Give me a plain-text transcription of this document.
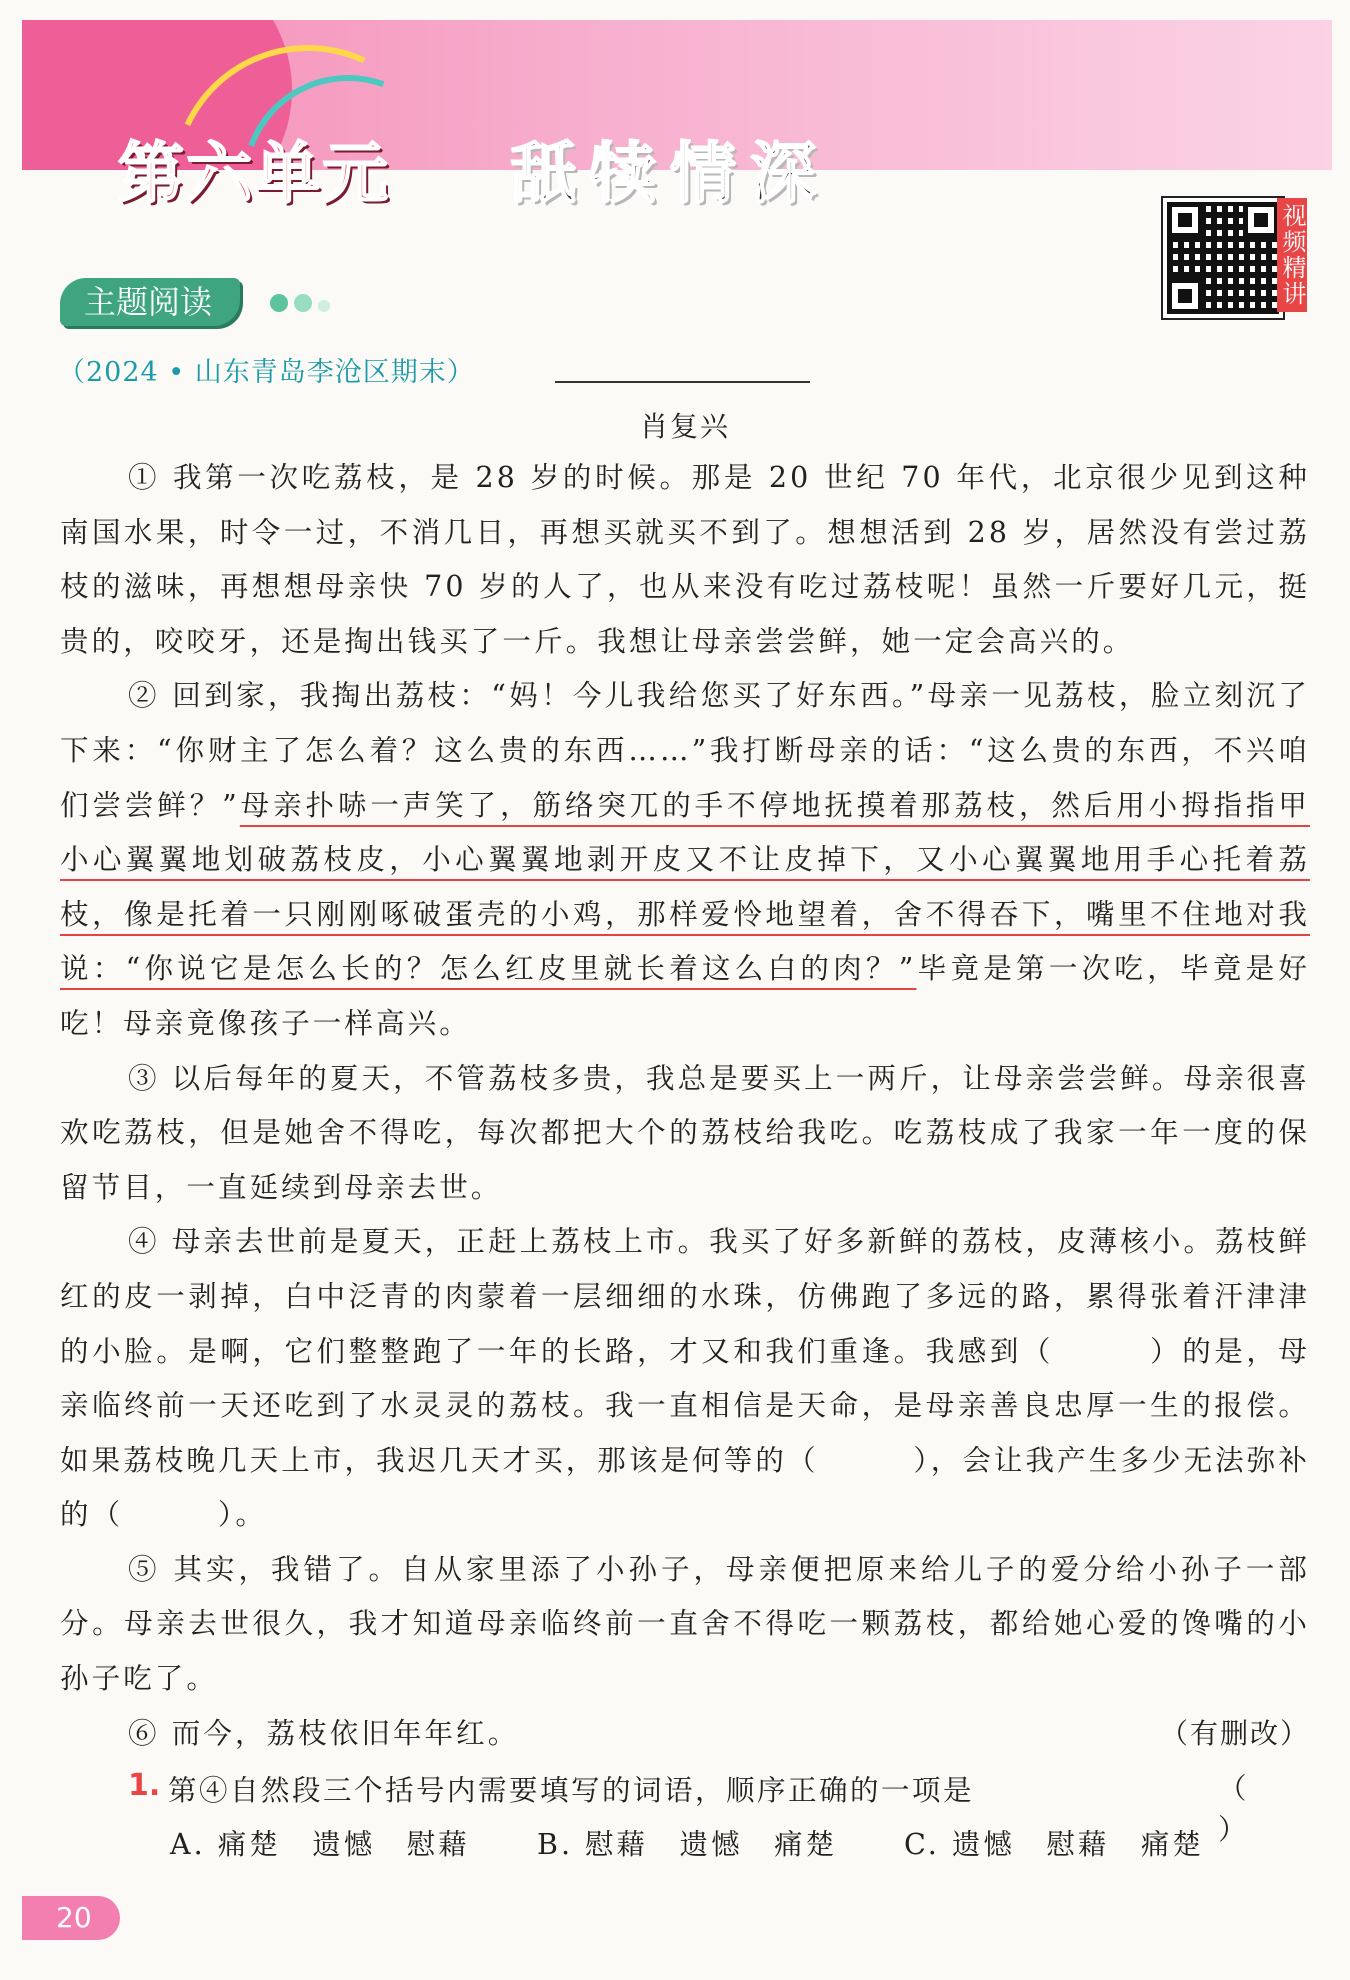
第六单元 舐犊情深
视频精讲
主题阅读
（2024 • 山东青岛李沧区期末）
肖复兴

① 我第一次吃荔枝，是 28 岁的时候。那是 20 世纪 70 年代，北京很少见到这种南国水果，时令一过，不消几日，再想买就买不到了。想想活到 28 岁，居然没有尝过荔枝的滋味，再想想母亲快 70 岁的人了，也从来没有吃过荔枝呢！虽然一斤要好几元，挺贵的，咬咬牙，还是掏出钱买了一斤。我想让母亲尝尝鲜，她一定会高兴的。

② 回到家，我掏出荔枝：“妈！今儿我给您买了好东西。”母亲一见荔枝，脸立刻沉了下来：“你财主了怎么着？这么贵的东西……”我打断母亲的话：“这么贵的东西，不兴咱们尝尝鲜？”母亲扑哧一声笑了，筋络突兀的手不停地抚摸着那荔枝，然后用小拇指指甲小心翼翼地划破荔枝皮，小心翼翼地剥开皮又不让皮掉下，又小心翼翼地用手心托着荔枝，像是托着一只刚刚啄破蛋壳的小鸡，那样爱怜地望着，舍不得吞下，嘴里不住地对我说：“你说它是怎么长的？怎么红皮里就长着这么白的肉？”毕竟是第一次吃，毕竟是好吃！母亲竟像孩子一样高兴。

③ 以后每年的夏天，不管荔枝多贵，我总是要买上一两斤，让母亲尝尝鲜。母亲很喜欢吃荔枝，但是她舍不得吃，每次都把大个的荔枝给我吃。吃荔枝成了我家一年一度的保留节目，一直延续到母亲去世。

④ 母亲去世前是夏天，正赶上荔枝上市。我买了好多新鲜的荔枝，皮薄核小。荔枝鲜红的皮一剥掉，白中泛青的肉蒙着一层细细的水珠，仿佛跑了多远的路，累得张着汗津津的小脸。是啊，它们整整跑了一年的长路，才又和我们重逢。我感到（　　　）的是，母亲临终前一天还吃到了水灵灵的荔枝。我一直相信是天命，是母亲善良忠厚一生的报偿。如果荔枝晚几天上市，我迟几天才买，那该是何等的（　　　），会让我产生多少无法弥补的（　　　）。

⑤ 其实，我错了。自从家里添了小孙子，母亲便把原来给儿子的爱分给小孙子一部分。母亲去世很久，我才知道母亲临终前一直舍不得吃一颗荔枝，都给她心爱的馋嘴的小孙子吃了。

⑥ 而今，荔枝依旧年年红。	（有删改）
1. 第④自然段三个括号内需要填写的词语，顺序正确的一项是	（ ）
A. 痛楚　遗憾　慰藉 B. 慰藉　遗憾　痛楚 C. 遗憾　慰藉　痛楚
20
